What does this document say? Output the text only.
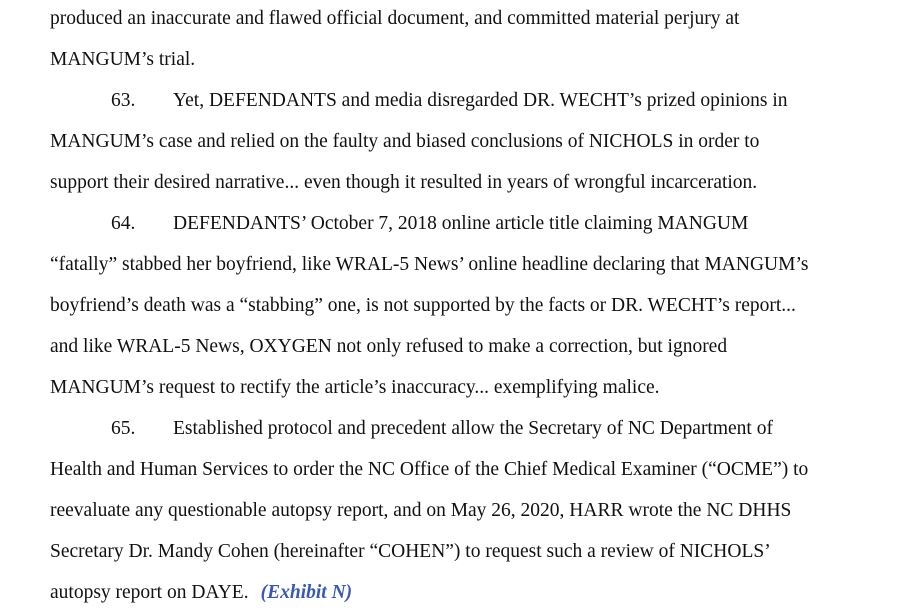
produced an inaccurate and flawed official document, and committed material perjury at
MANGUM’s trial.
63. Yet, DEFENDANTS and media disregarded DR. WECHT’s prized opinions in
MANGUM’s case and relied on the faulty and biased conclusions of NICHOLS in order to
support their desired narrative... even though it resulted in years of wrongful incarceration.
64. DEFENDANTS’ October 7, 2018 online article title claiming MANGUM
“fatally” stabbed her boyfriend, like WRAL-5 News’ online headline declaring that MANGUM’s
boyfriend’s death was a “stabbing” one, is not supported by the facts or DR. WECHT’s report...
and like WRAL-5 News, OXYGEN not only refused to make a correction, but ignored
MANGUM’s request to rectify the article’s inaccuracy... exemplifying malice.
65. Established protocol and precedent allow the Secretary of NC Department of
Health and Human Services to order the NC Office of the Chief Medical Examiner (“OCME”) to
reevaluate any questionable autopsy report, and on May 26, 2020, HARR wrote the NC DHHS
Secretary Dr. Mandy Cohen (hereinafter “COHEN”) to request such a review of NICHOLS’
autopsy report on DAYE. (Exhibit N)
